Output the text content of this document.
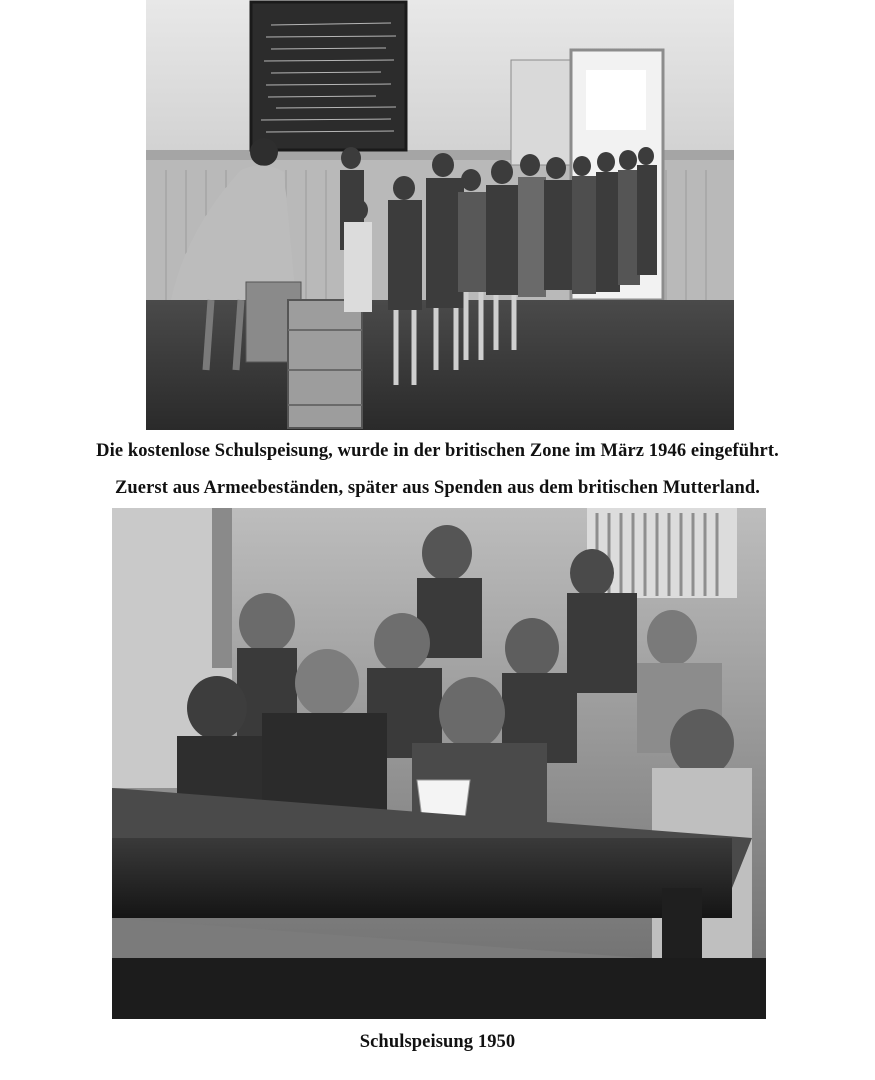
Die kostenlose Schulspeisung, wurde in der britischen Zone im März 1946 eingeführt.
Zuerst aus Armeebeständen, später aus Spenden aus dem britischen Mutterland.
Schulspeisung 1950
